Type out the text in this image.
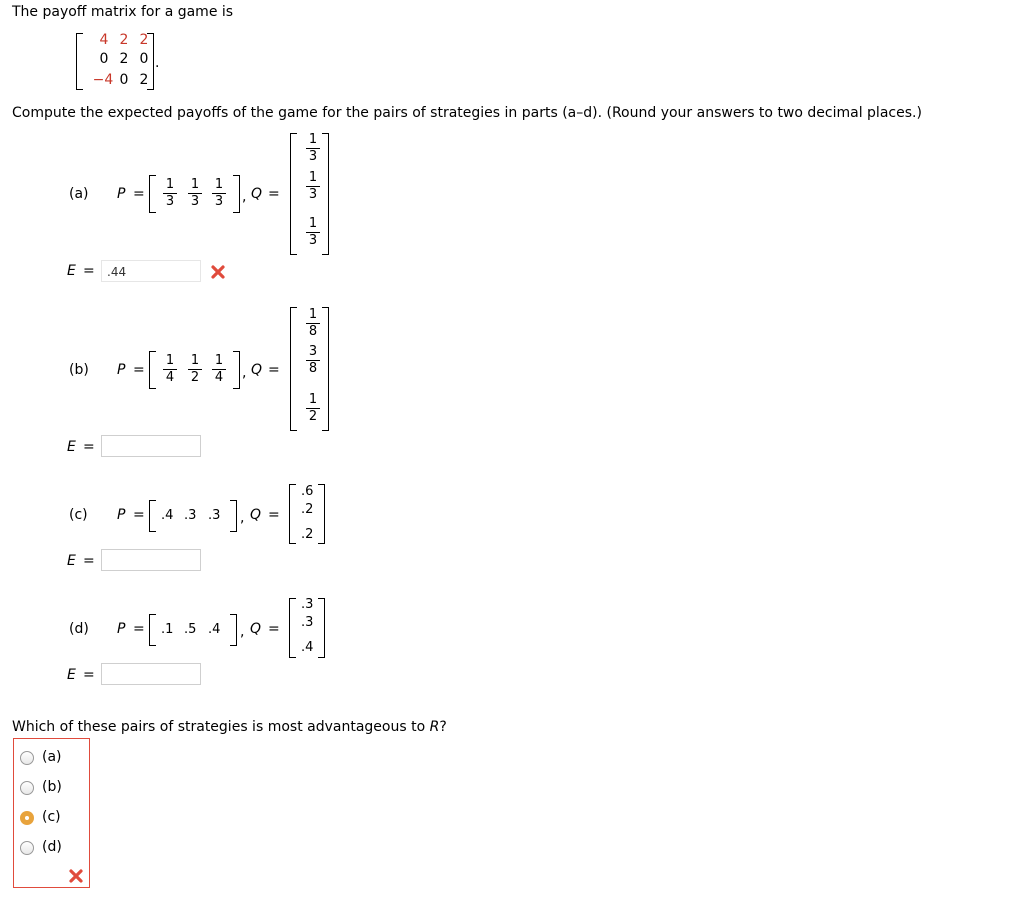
The payoff matrix for a game is
4 2 2
0 2 0
−4 0 2
.
Compute the expected payoffs of the game for the pairs of strategies in parts (a–d). (Round your answers to two decimal places.)
(a) P =
1
3
1
3
1
3 , Q =
1
3
1
3
1
3
E =	.44
(b) P =
1
4
1
2
1
4 , Q =
1
8
3
8
1
2
E =
(c) P = .4 .3 .3 , Q =
.6
.2
.2
E =
(d) P = .1 .5 .4 , Q =
.3
.3
.4
E =
Which of these pairs of strategies is most advantageous to R?
(a)
(b)
(c)
(d)
